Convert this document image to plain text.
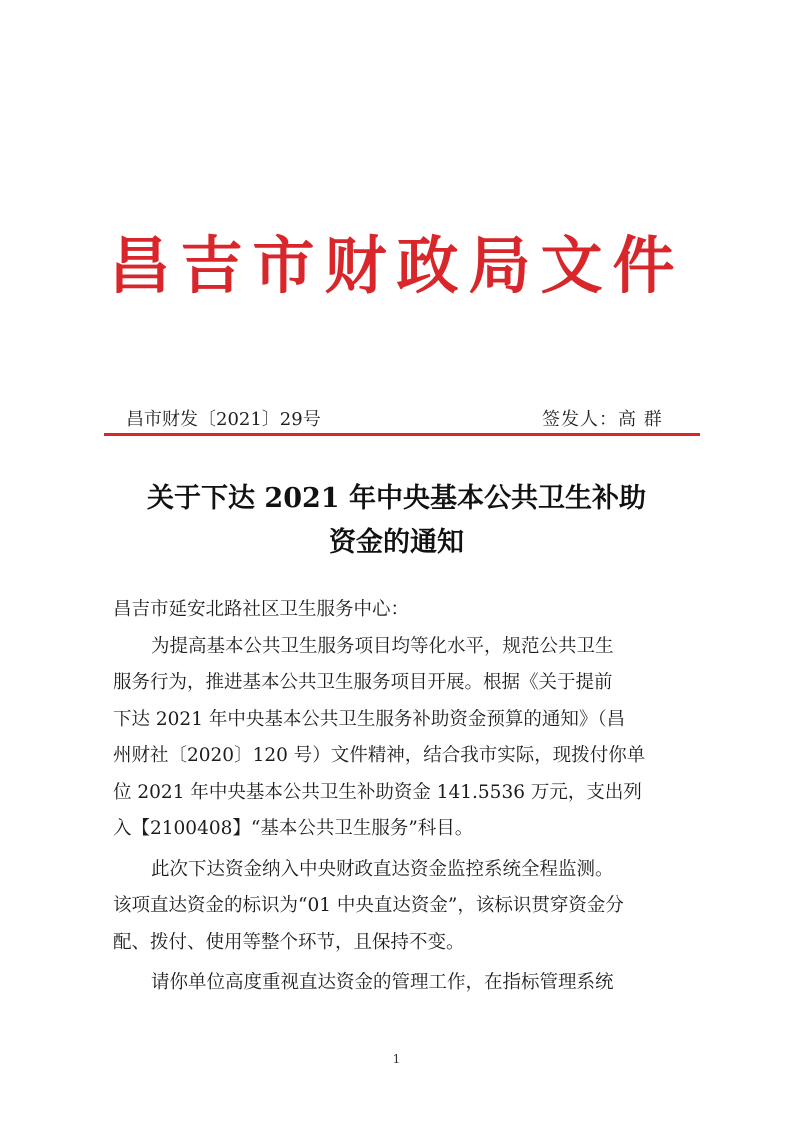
昌吉市财政局文件
昌市财发〔2021〕29号	签发人：高 群
关于下达 2021 年中央基本公共卫生补助
资金的通知

昌吉市延安北路社区卫生服务中心：

为提高基本公共卫生服务项目均等化水平，规范公共卫生

服务行为，推进基本公共卫生服务项目开展。根据《关于提前

下达 2021 年中央基本公共卫生服务补助资金预算的通知》（昌

州财社〔2020〕120 号）文件精神，结合我市实际，现拨付你单

位 2021 年中央基本公共卫生补助资金 141.5536 万元，支出列

入【2100408】“基本公共卫生服务”科目。

此次下达资金纳入中央财政直达资金监控系统全程监测。

该项直达资金的标识为“01 中央直达资金”，该标识贯穿资金分

配、拨付、使用等整个环节，且保持不变。

请你单位高度重视直达资金的管理工作，在指标管理系统

1
